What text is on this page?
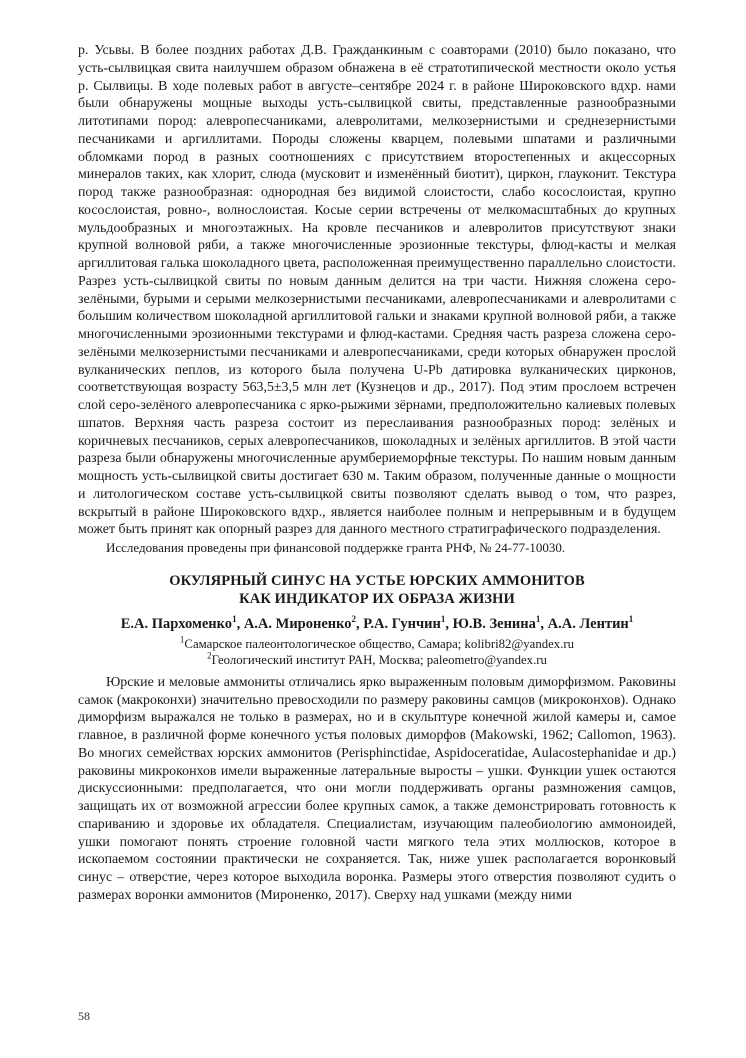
р. Усьвы. В более поздних работах Д.В. Гражданкиным с соавторами (2010) было показано, что усть-сылвицкая свита наилучшем образом обнажена в её стратотипической местности около устья р. Сылвицы. В ходе полевых работ в августе–сентябре 2024 г. в районе Широковского вдхр. нами были обнаружены мощные выходы усть-сылвицкой свиты, представленные разнообразными литотипами пород: алевропесчаниками, алевролитами, мелкозернистыми и среднезернистыми песчаниками и аргиллитами. Породы сложены кварцем, полевыми шпатами и различными обломками пород в разных соотношениях с присутствием второстепенных и акцессорных минералов таких, как хлорит, слюда (мусковит и изменённый биотит), циркон, глауконит. Текстура пород также разнообразная: однородная без видимой слоистости, слабо косослоистая, крупно косослоистая, ровно-, волнослоистая. Косые серии встречены от мелкомасштабных до крупных мульдообразных и многоэтажных. На кровле песчаников и алевролитов присутствуют знаки крупной волновой ряби, а также многочисленные эрозионные текстуры, флюд-касты и мелкая аргиллитовая галька шоколадного цвета, расположенная преимущественно параллельно слоистости. Разрез усть-сылвицкой свиты по новым данным делится на три части. Нижняя сложена серо-зелёными, бурыми и серыми мелкозернистыми песчаниками, алевропесчаниками и алевролитами с большим количеством шоколадной аргиллитовой гальки и знаками крупной волновой ряби, а также многочисленными эрозионными текстурами и флюд-кастами. Средняя часть разреза сложена серо-зелёными мелкозернистыми песчаниками и алевропесчаниками, среди которых обнаружен прослой вулканических пеплов, из которого была получена U-Pb датировка вулканических цирконов, соответствующая возрасту 563,5±3,5 млн лет (Кузнецов и др., 2017). Под этим прослоем встречен слой серо-зелёного алевропесчаника с ярко-рыжими зёрнами, предположительно калиевых полевых шпатов. Верхняя часть разреза состоит из переслаивания разнообразных пород: зелёных и коричневых песчаников, серых алевропесчаников, шоколадных и зелёных аргиллитов. В этой части разреза были обнаружены многочисленные арумбериеморфные текстуры. По нашим новым данным мощность усть-сылвицкой свиты достигает 630 м. Таким образом, полученные данные о мощности и литологическом составе усть-сылвицкой свиты позволяют сделать вывод о том, что разрез, вскрытый в районе Широковского вдхр., является наиболее полным и непрерывным и в будущем может быть принят как опорный разрез для данного местного стратиграфического подразделения.

Исследования проведены при финансовой поддержке гранта РНФ, № 24-77-10030.

ОКУЛЯРНЫЙ СИНУС НА УСТЬЕ ЮРСКИХ АММОНИТОВ
КАК ИНДИКАТОР ИХ ОБРАЗА ЖИЗНИ
Е.А. Пархоменко$^1$, А.А. Мироненко$^2$, Р.А. Гунчин$^1$, Ю.В. Зенина$^1$, А.А. Лентин$^1$

$^1$Самарское палеонтологическое общество, Самара; kolibri82@yandex.ru

$^2$Геологический институт РАН, Москва; paleometro@yandex.ru

Юрские и меловые аммониты отличались ярко выраженным половым диморфизмом. Раковины самок (макроконхи) значительно превосходили по размеру раковины самцов (микроконхов). Однако диморфизм выражался не только в размерах, но и в скульптуре конечной жилой камеры и, самое главное, в различной форме конечного устья половых диморфов (Makowski, 1962; Callomon, 1963). Во многих семействах юрских аммонитов (Perisphinctidae, Aspidoceratidae, Aulacostephanidae и др.) раковины микроконхов имели выраженные латеральные выросты – ушки. Функции ушек остаются дискуссионными: предполагается, что они могли поддерживать органы размножения самцов, защищать их от возможной агрессии более крупных самок, а также демонстрировать готовность к спариванию и здоровье их обладателя. Специалистам, изучающим палеобиологию аммоноидей, ушки помогают понять строение головной части мягкого тела этих моллюсков, которое в ископаемом состоянии практически не сохраняется. Так, ниже ушек располагается воронковый синус – отверстие, через которое выходила воронка. Размеры этого отверстия позволяют судить о размерах воронки аммонитов (Мироненко, 2017). Сверху над ушками (между ними

58
